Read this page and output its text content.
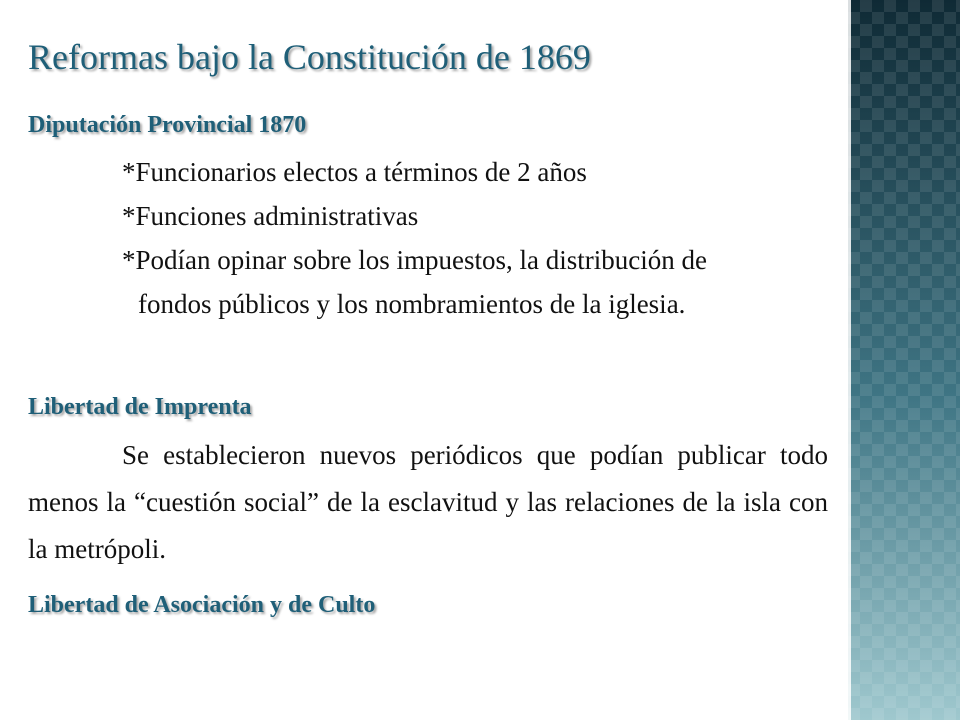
Reformas bajo la Constitución de 1869
Diputación Provincial 1870

*Funcionarios electos a términos de 2 años

*Funciones administrativas

*Podían opinar sobre los impuestos, la distribución de fondos públicos y los nombramientos de la iglesia.

Libertad de Imprenta

Se establecieron nuevos periódicos que podían publicar todo menos la “cuestión social” de la esclavitud y las relaciones de la isla con la metrópoli.

Libertad de Asociación y de Culto
